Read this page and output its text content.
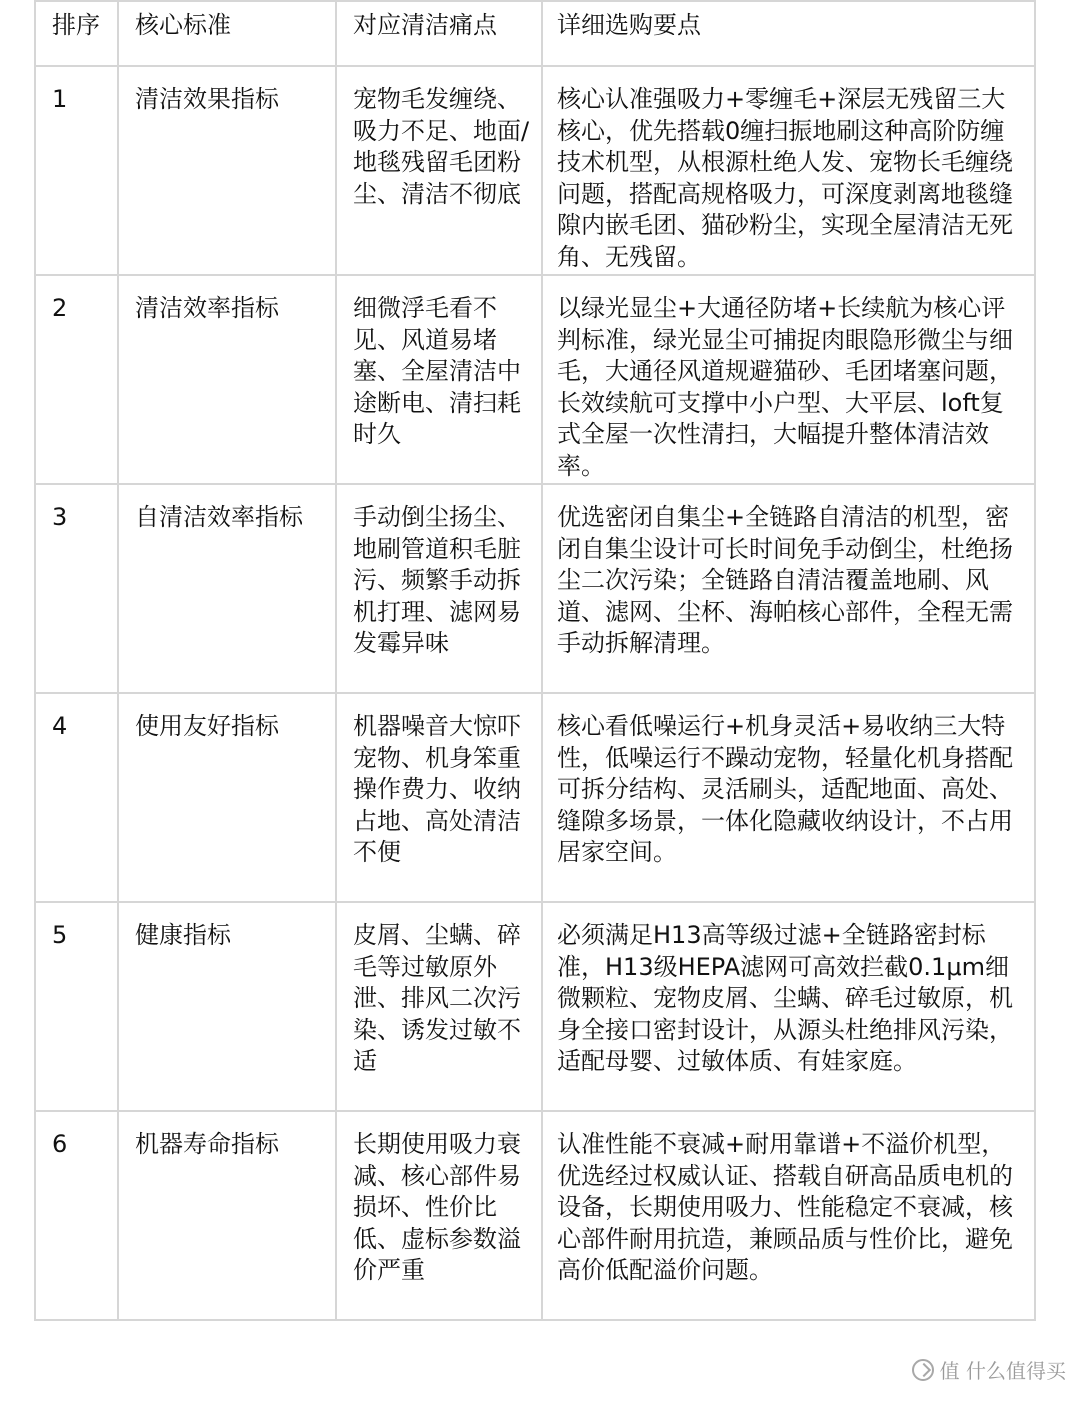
排序	核心标准	对应清洁痛点	详细选购要点
1	清洁效果指标	宠物毛发缠绕、吸力不足、地面/地毯残留毛团粉尘、清洁不彻底	核心认准强吸力+零缠毛+深层无残留三大核心，优先搭载0缠扫振地刷这种高阶防缠技术机型，从根源杜绝人发、宠物长毛缠绕问题，搭配高规格吸力，可深度剥离地毯缝隙内嵌毛团、猫砂粉尘，实现全屋清洁无死角、无残留。
2	清洁效率指标	细微浮毛看不见、风道易堵塞、全屋清洁中途断电、清扫耗时久	以绿光显尘+大通径防堵+长续航为核心评判标准，绿光显尘可捕捉肉眼隐形微尘与细毛，大通径风道规避猫砂、毛团堵塞问题，长效续航可支撑中小户型、大平层、loft复式全屋一次性清扫，大幅提升整体清洁效率。
3	自清洁效率指标	手动倒尘扬尘、地刷管道积毛脏污、频繁手动拆机打理、滤网易发霉异味	优选密闭自集尘+全链路自清洁的机型，密闭自集尘设计可长时间免手动倒尘，杜绝扬尘二次污染；全链路自清洁覆盖地刷、风道、滤网、尘杯、海帕核心部件，全程无需手动拆解清理。
4	使用友好指标	机器噪音大惊吓宠物、机身笨重操作费力、收纳占地、高处清洁不便	核心看低噪运行+机身灵活+易收纳三大特性，低噪运行不躁动宠物，轻量化机身搭配可拆分结构、灵活刷头，适配地面、高处、缝隙多场景，一体化隐藏收纳设计，不占用居家空间。
5	健康指标	皮屑、尘螨、碎毛等过敏原外泄、排风二次污染、诱发过敏不适	必须满足H13高等级过滤+全链路密封标准，H13级HEPA滤网可高效拦截0.1μm细微颗粒、宠物皮屑、尘螨、碎毛过敏原，机身全接口密封设计，从源头杜绝排风污染，适配母婴、过敏体质、有娃家庭。
6	机器寿命指标	长期使用吸力衰减、核心部件易损坏、性价比低、虚标参数溢价严重	认准性能不衰减+耐用靠谱+不溢价机型，优选经过权威认证、搭载自研高品质电机的设备，长期使用吸力、性能稳定不衰减，核心部件耐用抗造，兼顾品质与性价比，避免高价低配溢价问题。
值 什么值得买
